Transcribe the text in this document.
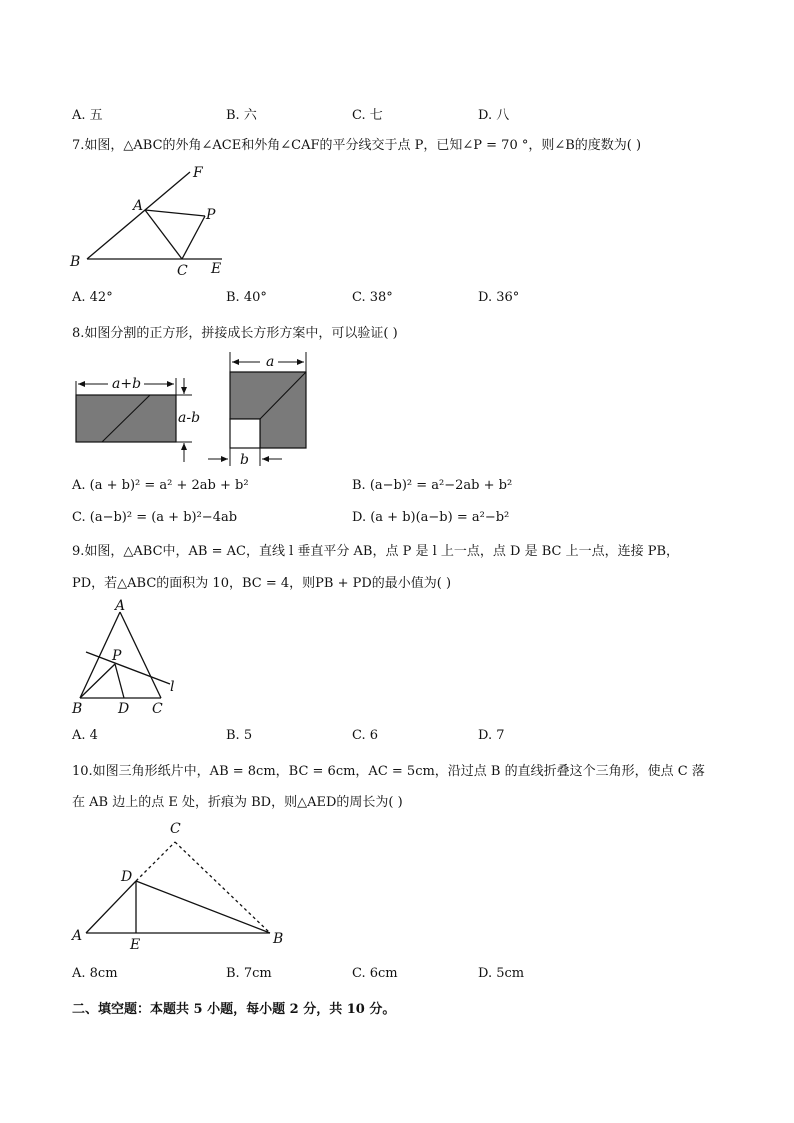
A. 五	B. 六	C. 七	D. 八
7.如图，△ABC的外角∠ACE和外角∠CAF的平分线交于点 P，已知∠P = 70 °，则∠B的度数为( )
B
A
F
P
C E
A. 42°	B. 40°	C. 38°	D. 36°
8.如图分割的正方形，拼接成长方形方案中，可以验证( )
a+b
a-b
a
b
A. (a + b)² = a² + 2ab + b²	B. (a−b)² = a²−2ab + b²
C. (a−b)² = (a + b)²−4ab	D. (a + b)(a−b) = a²−b²
9.如图，△ABC中，AB = AC，直线 l 垂直平分 AB，点 P 是 l 上一点，点 D 是 BC 上一点，连接 PB，
PD，若△ABC的面积为 10，BC = 4，则PB + PD的最小值为( )
A
P
l
B	D C
A. 4	B. 5	C. 6	D. 7
10.如图三角形纸片中，AB = 8cm，BC = 6cm，AC = 5cm，沿过点 B 的直线折叠这个三角形，使点 C 落
在 AB 边上的点 E 处，折痕为 BD，则△AED的周长为( )
C
D
A
E	B
A. 8cm	B. 7cm	C. 6cm	D. 5cm
二、填空题：本题共 5 小题，每小题 2 分，共 10 分。
